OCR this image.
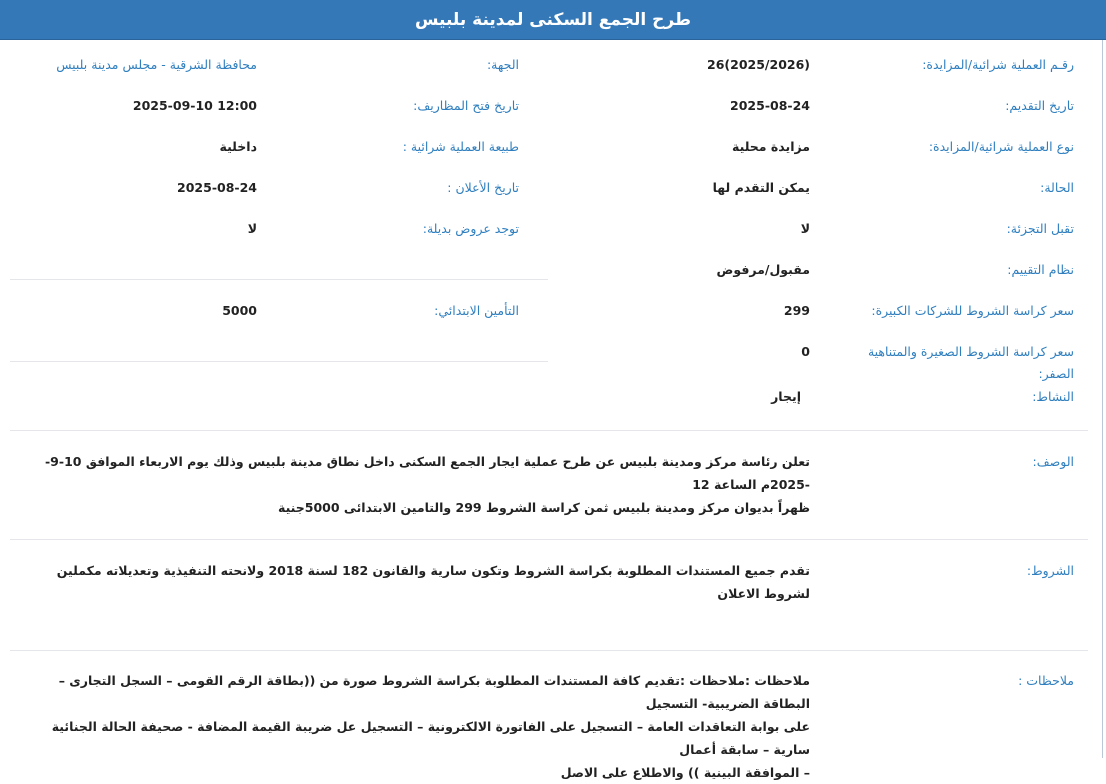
طرح الجمع السكنى لمدينة بلبيس
رقـم العملية شرائية/المزايدة:
26(2025/2026)
الجهة:
محافظة الشرقية - مجلس مدينة بلبيس
تاريخ التقديم:
2025-08-24
تاريخ فتح المظاريف:
2025-09-10 12:00
نوع العملية شرائية/المزايدة:
مزايدة محلية
طبيعة العملية شرائية :
داخلية
الحالة:
يمكن التقدم لها
تاريخ الأعلان :
2025-08-24
تقبل التجزئة:
لا
توجد عروض بديلة:
لا
نظام التقييم:
مقبول/مرفوض
سعر كراسة الشروط للشركات الكبيرة:
299
التأمين الابتدائي:
5000
سعر كراسة الشروط الصغيرة والمتناهية
الصفر:
0
النشاط:
إيجار
الوصف:
تعلن رئاسة مركز ومدينة بلبيس عن طرح عملية ايجار الجمع السكنى داخل نطاق مدينة بلبيس وذلك يوم الاربعاء الموافق 10-9--2025م الساعة 12
ظهراً بديوان مركز ومدينة بلبيس ثمن كراسة الشروط 299 والتامين الابتدائى 5000جنية
الشروط:
تقدم جميع المستندات المطلوبة بكراسة الشروط وتكون سارية والقانون 182 لسنة 2018 ولانحته التنفيذية وتعديلاته مكملين لشروط الاعلان
ملاحظات :
ملاحظات :ملاحظات :تقديم كافة المستندات المطلوبة بكراسة الشروط صورة من ((بطاقة الرقم القومى – السجل التجارى – البطاقة الضريبية- التسجيل
على بوابة التعاقدات العامة – التسجيل على الفاتورة الالكترونية – التسجيل عل ضريبة القيمة المضافة - صحيفة الحالة الجنائية سارية – سابقة أعمال
– الموافقة البينية )) والاطلاع على الاصل
